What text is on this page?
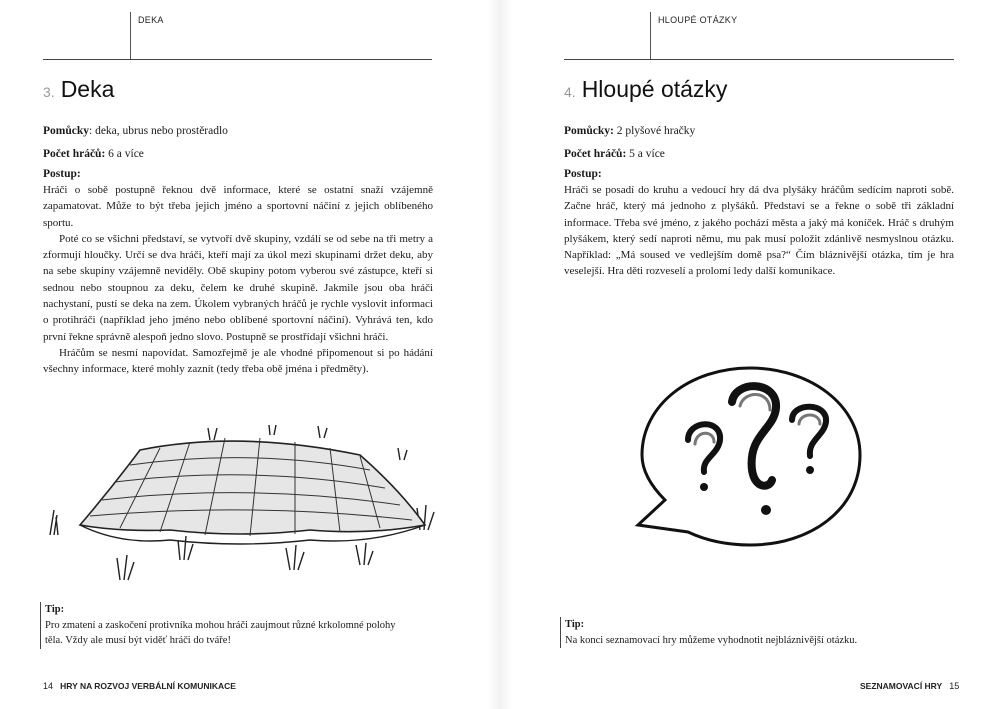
DEKA
3. Deka
Pomůcky: deka, ubrus nebo prostěradlo
Počet hráčů: 6 a více
Postup:

Hráči o sobě postupně řeknou dvě informace, které se ostatní snaží vzájemně zapamatovat. Může to být třeba jejich jméno a sportovní náčiní z jejich oblíbeného sportu.

Poté co se všichni představí, se vytvoří dvě skupiny, vzdálí se od sebe na tři metry a zformují hloučky. Určí se dva hráči, kteří mají za úkol mezi skupinami držet deku, aby na sebe skupiny vzájemně neviděly. Obě skupiny potom vyberou své zástupce, kteří si sednou nebo stoupnou za deku, čelem ke druhé skupině. Jakmile jsou oba hráči nachystaní, pustí se deka na zem. Úkolem vybraných hráčů je rychle vyslovit informaci o protihráči (například jeho jméno nebo oblíbené sportovní náčiní). Vyhrává ten, kdo první řekne správně alespoň jedno slovo. Postupně se prostřídají všichni hráči.

Hráčům se nesmí napovídat. Samozřejmě je ale vhodné připomenout si po hádání všechny informace, které mohly zaznít (tedy třeba obě jména i předměty).

Tip:
Pro zmatení a zaskočení protivníka mohou hráči zaujmout různé krkolomné polohy těla. Vždy ale musí být viděť hráči do tváře!
14 HRY NA ROZVOJ VERBÁLNÍ KOMUNIKACE
HLOUPÉ OTÁZKY
4. Hloupé otázky
Pomůcky: 2 plyšové hračky
Počet hráčů: 5 a více
Postup:

Hráči se posadí do kruhu a vedoucí hry dá dva plyšáky hráčům sedícím naproti sobě. Začne hráč, který má jednoho z plyšáků. Představí se a řekne o sobě tři základní informace. Třeba své jméno, z jakého pochází města a jaký má koníček. Hráč s druhým plyšákem, který sedí naproti němu, mu pak musí položit zdánlivě nesmyslnou otázku. Například: „Má soused ve vedlejším domě psa?“ Čím bláznivější otázka, tím je hra veselejší. Hra děti rozveselí a prolomí ledy další komunikace.

Tip:
Na konci seznamovací hry můžeme vyhodnotit nejbláznivější otázku.
SEZNAMOVACÍ HRY 15
